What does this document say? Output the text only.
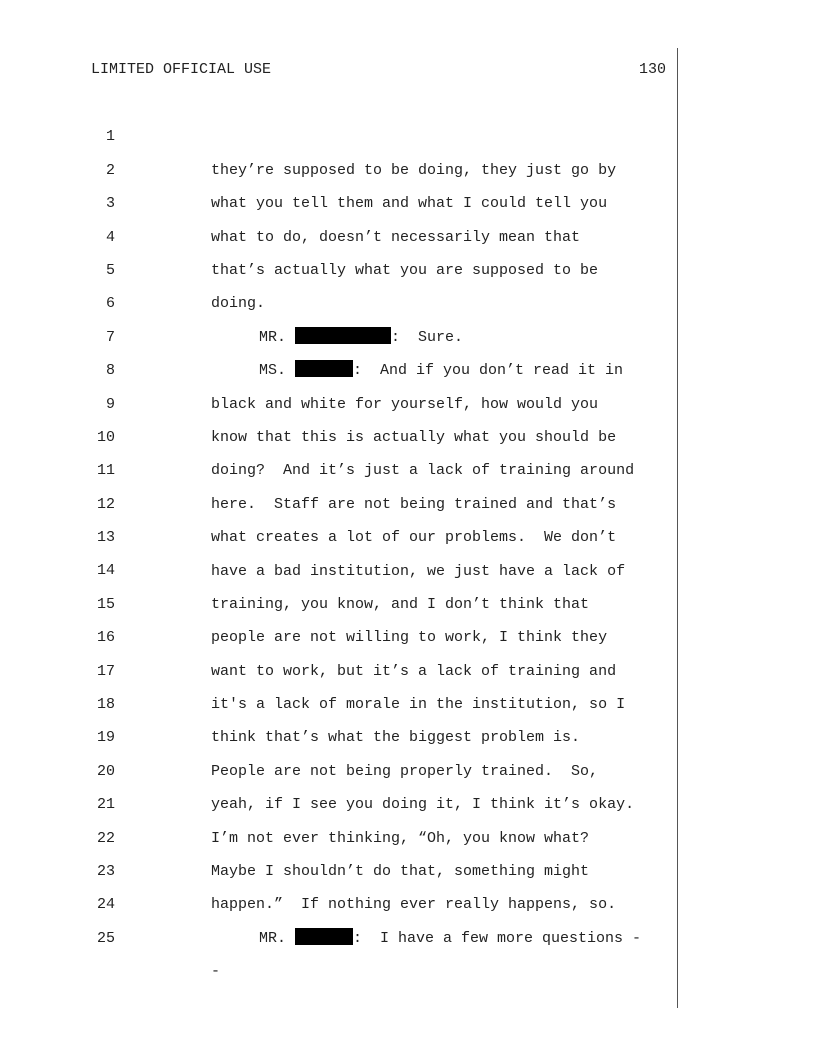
LIMITED OFFICIAL USE	130

1

they’re supposed to be doing, they just go by

2

what you tell them and what I could tell you

3

what to do, doesn’t necessarily mean that

4

that’s actually what you are supposed to be

5

doing.

6

MR.	:  Sure.

7

MS.	:  And if you don’t read it in

8

black and white for yourself, how would you

9

know that this is actually what you should be

10

doing?  And it’s just a lack of training around

11

here.  Staff are not being trained and that’s

12

what creates a lot of our problems.  We don’t

13

have a bad institution, we just have a lack of

14

training, you know, and I don’t think that

15

people are not willing to work, I think they

16

want to work, but it’s a lack of training and

17

it's a lack of morale in the institution, so I

18

think that’s what the biggest problem is.

19

People are not being properly trained.  So,

20

yeah, if I see you doing it, I think it’s okay.

21

I’m not ever thinking, “Oh, you know what?

22

Maybe I shouldn’t do that, something might

23

happen.”  If nothing ever really happens, so.

24

MR.	:  I have a few more questions -

25

-
